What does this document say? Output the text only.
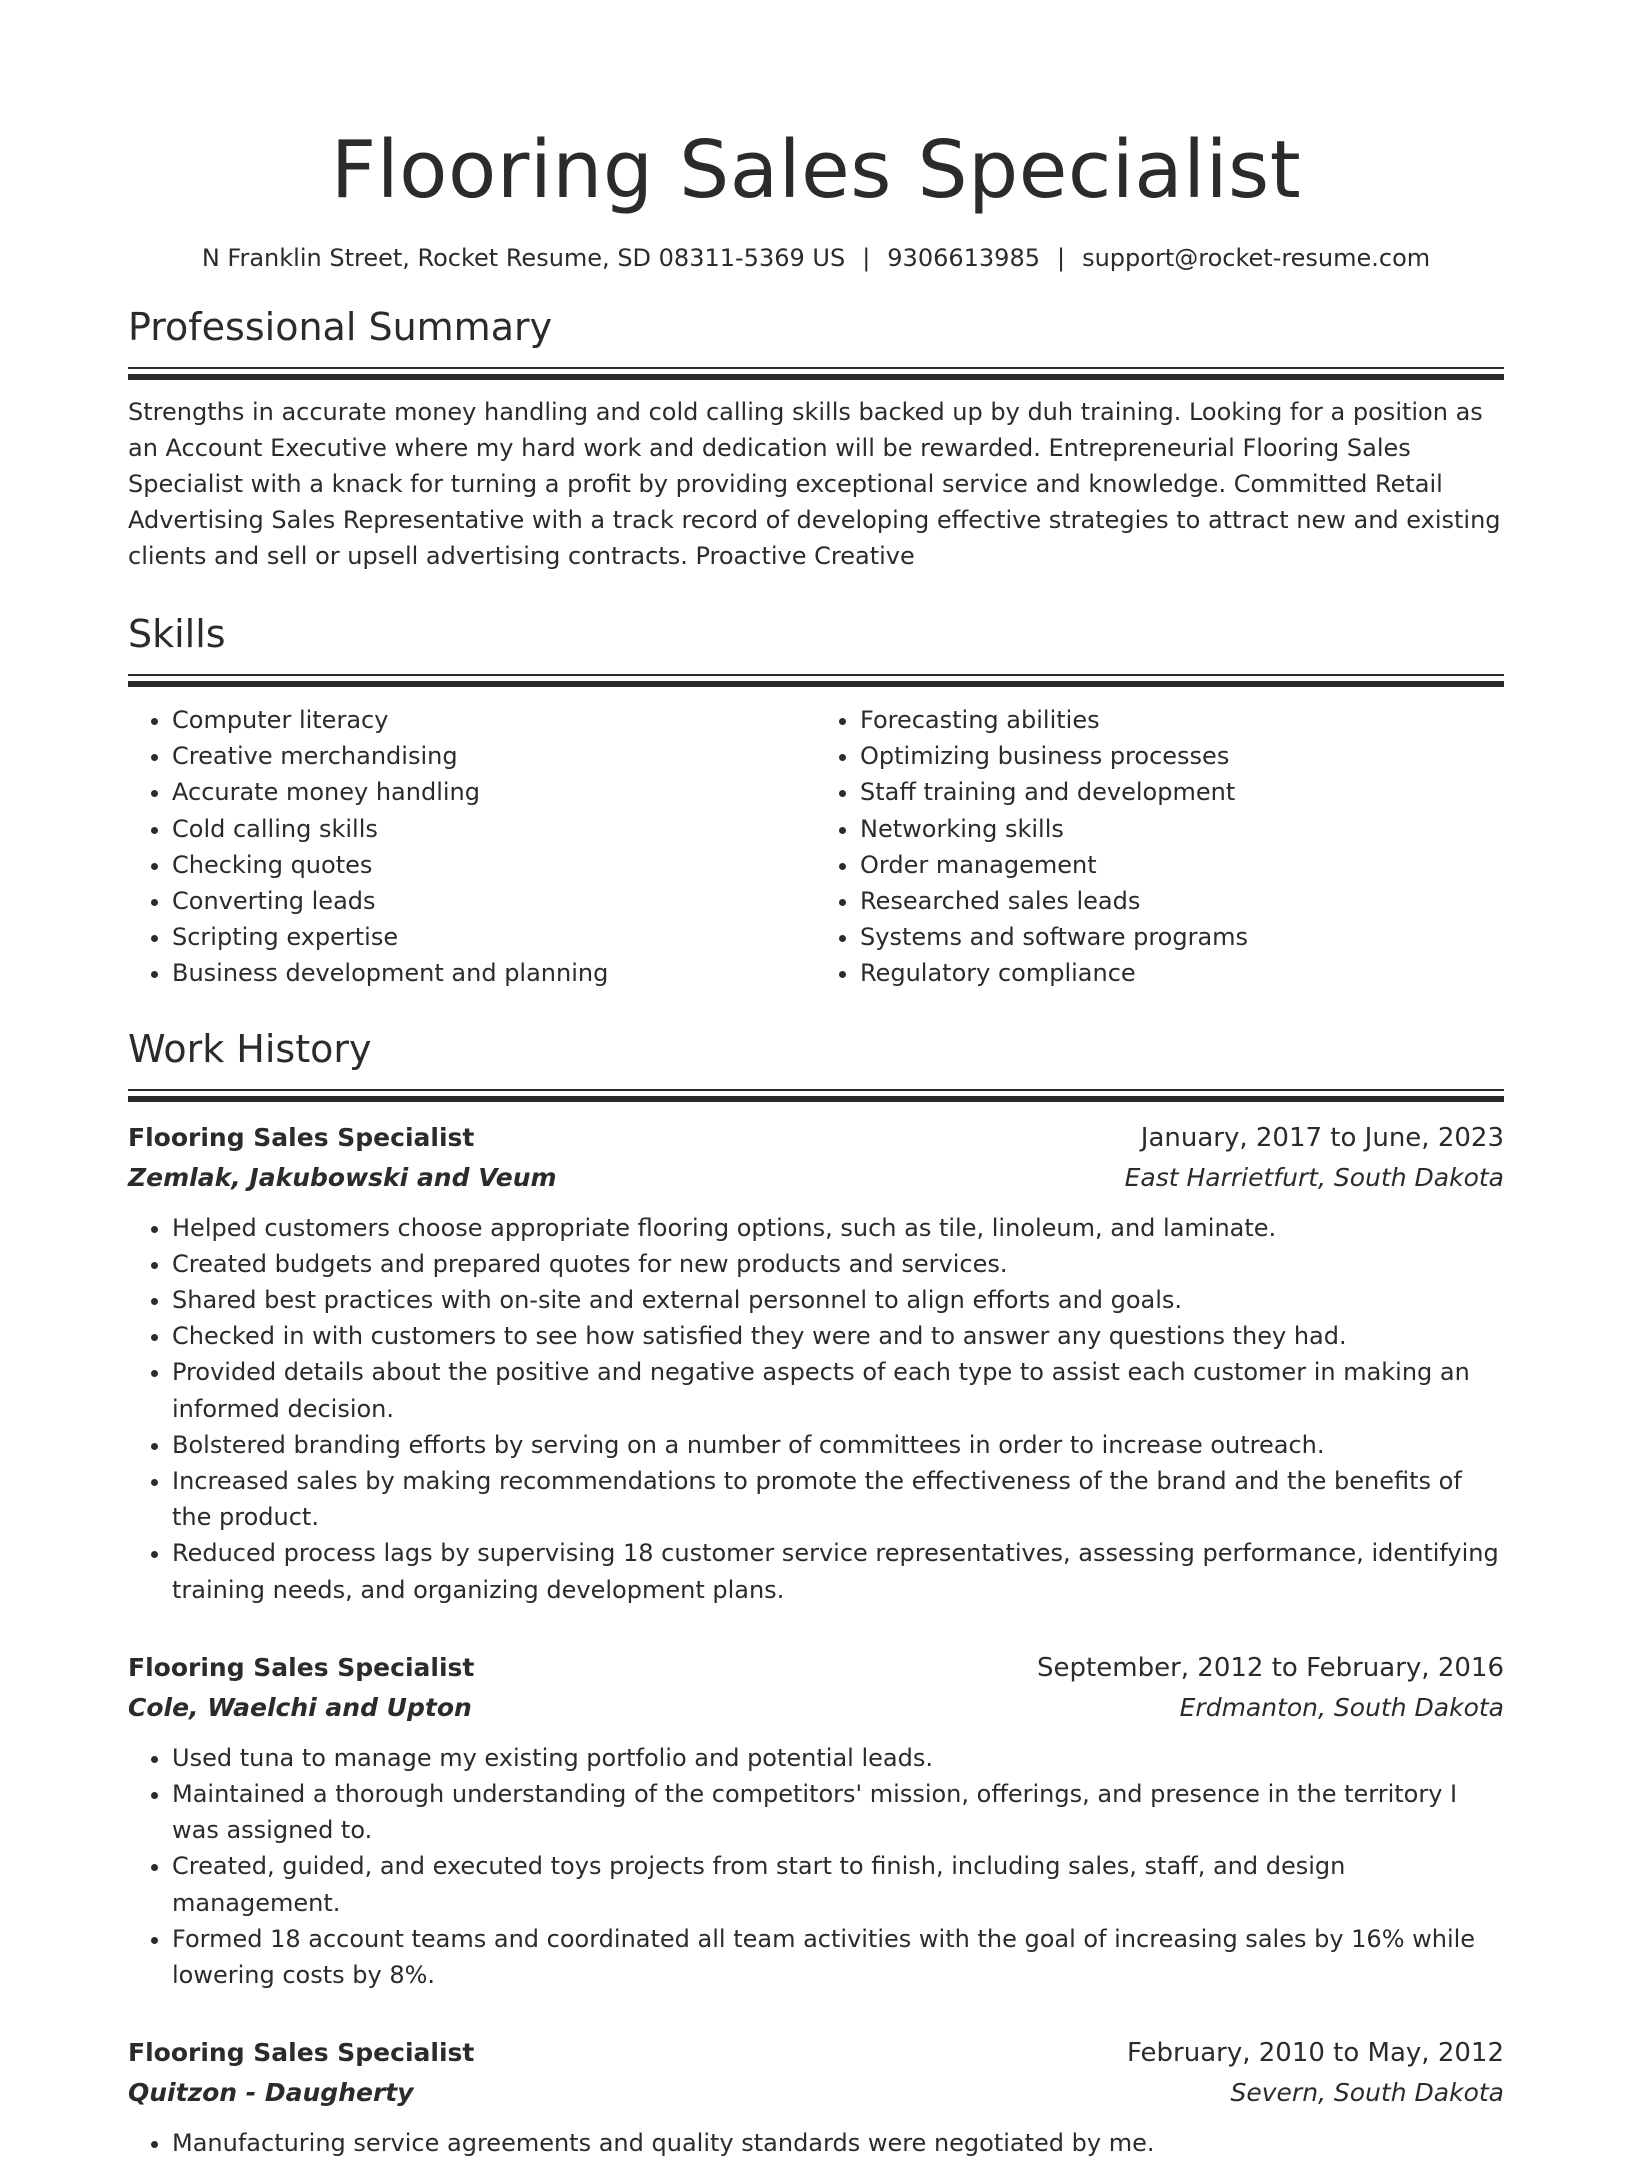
Flooring Sales Specialist
N Franklin Street, Rocket Resume, SD 08311-5369 US | 9306613985 | support@rocket-resume.com
Professional Summary

Strengths in accurate money handling and cold calling skills backed up by duh training. Looking for a position as an Account Executive where my hard work and dedication will be rewarded. Entrepreneurial Flooring Sales Specialist with a knack for turning a profit by providing exceptional service and knowledge. Committed Retail Advertising Sales Representative with a track record of developing effective strategies to attract new and existing clients and sell or upsell advertising contracts. Proactive Creative

Skills
• Computer literacy
• Creative merchandising
• Accurate money handling
• Cold calling skills
• Checking quotes
• Converting leads
• Scripting expertise
• Business development and planning
• Forecasting abilities
• Optimizing business processes
• Staff training and development
• Networking skills
• Order management
• Researched sales leads
• Systems and software programs
• Regulatory compliance
Work History
Flooring Sales Specialist	January, 2017 to June, 2023
Zemlak, Jakubowski and Veum	East Harrietfurt, South Dakota
• Helped customers choose appropriate flooring options, such as tile, linoleum, and laminate.
• Created budgets and prepared quotes for new products and services.
• Shared best practices with on-site and external personnel to align efforts and goals.
• Checked in with customers to see how satisfied they were and to answer any questions they had.
• Provided details about the positive and negative aspects of each type to assist each customer in making an informed decision.
• Bolstered branding efforts by serving on a number of committees in order to increase outreach.
• Increased sales by making recommendations to promote the effectiveness of the brand and the benefits of the product.
• Reduced process lags by supervising 18 customer service representatives, assessing performance, identifying training needs, and organizing development plans.
Flooring Sales Specialist	September, 2012 to February, 2016
Cole, Waelchi and Upton	Erdmanton, South Dakota
• Used tuna to manage my existing portfolio and potential leads.
• Maintained a thorough understanding of the competitors' mission, offerings, and presence in the territory I was assigned to.
• Created, guided, and executed toys projects from start to finish, including sales, staff, and design management.
• Formed 18 account teams and coordinated all team activities with the goal of increasing sales by 16% while lowering costs by 8%.
Flooring Sales Specialist	February, 2010 to May, 2012
Quitzon - Daugherty	Severn, South Dakota
• Manufacturing service agreements and quality standards were negotiated by me.
